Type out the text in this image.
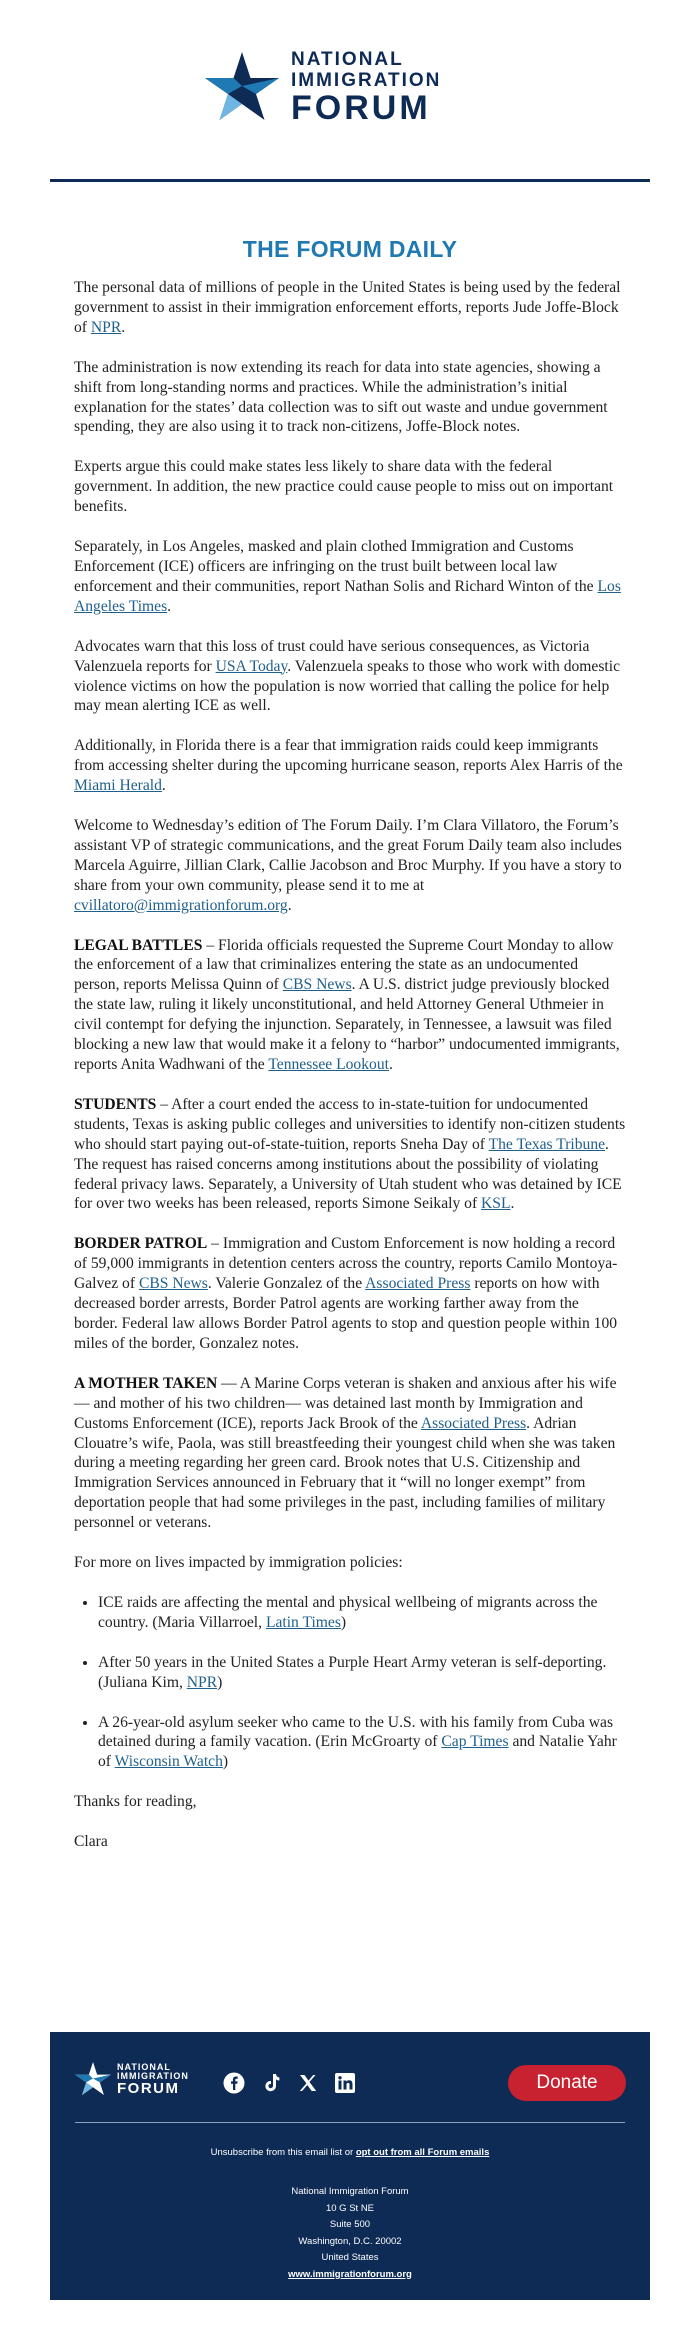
NATIONAL
IMMIGRATION
FORUM
THE FORUM DAILY

The personal data of millions of people in the United States is being used by the federal government to assist in their immigration enforcement efforts, reports Jude Joffe-Block of NPR.

The administration is now extending its reach for data into state agencies, showing a shift from long-standing norms and practices. While the administration’s initial explanation for the states’ data collection was to sift out waste and undue government spending, they are also using it to track non-citizens, Joffe-Block notes.

Experts argue this could make states less likely to share data with the federal government. In addition, the new practice could cause people to miss out on important benefits.

Separately, in Los Angeles, masked and plain clothed Immigration and Customs Enforcement (ICE) officers are infringing on the trust built between local law enforcement and their communities, report Nathan Solis and Richard Winton of the Los Angeles Times.

Advocates warn that this loss of trust could have serious consequences, as Victoria Valenzuela reports for USA Today. Valenzuela speaks to those who work with domestic violence victims on how the population is now worried that calling the police for help may mean alerting ICE as well.

Additionally, in Florida there is a fear that immigration raids could keep immigrants from accessing shelter during the upcoming hurricane season, reports Alex Harris of the Miami Herald.

Welcome to Wednesday’s edition of The Forum Daily. I’m Clara Villatoro, the Forum’s assistant VP of strategic communications, and the great Forum Daily team also includes Marcela Aguirre, Jillian Clark, Callie Jacobson and Broc Murphy. If you have a story to share from your own community, please send it to me at cvillatoro@immigrationforum.org.

LEGAL BATTLES – Florida officials requested the Supreme Court Monday to allow the enforcement of a law that criminalizes entering the state as an undocumented person, reports Melissa Quinn of CBS News. A U.S. district judge previously blocked the state law, ruling it likely unconstitutional, and held Attorney General Uthmeier in civil contempt for defying the injunction. Separately, in Tennessee, a lawsuit was filed blocking a new law that would make it a felony to “harbor” undocumented immigrants, reports Anita Wadhwani of the Tennessee Lookout.

STUDENTS – After a court ended the access to in-state-tuition for undocumented students, Texas is asking public colleges and universities to identify non-citizen students who should start paying out-of-state-tuition, reports Sneha Day of The Texas Tribune. The request has raised concerns among institutions about the possibility of violating federal privacy laws. Separately, a University of Utah student who was detained by ICE for over two weeks has been released, reports Simone Seikaly of KSL.

BORDER PATROL – Immigration and Custom Enforcement is now holding a record of 59,000 immigrants in detention centers across the country, reports Camilo Montoya-Galvez of CBS News. Valerie Gonzalez of the Associated Press reports on how with decreased border arrests, Border Patrol agents are working farther away from the border. Federal law allows Border Patrol agents to stop and question people within 100 miles of the border, Gonzalez notes.

A MOTHER TAKEN — A Marine Corps veteran is shaken and anxious after his wife — and mother of his two children— was detained last month by Immigration and Customs Enforcement (ICE), reports Jack Brook of the Associated Press. Adrian Clouatre’s wife, Paola, was still breastfeeding their youngest child when she was taken during a meeting regarding her green card. Brook notes that U.S. Citizenship and Immigration Services announced in February that it “will no longer exempt” from deportation people that had some privileges in the past, including families of military personnel or veterans.

For more on lives impacted by immigration policies:

• ICE raids are affecting the mental and physical wellbeing of migrants across the country. (Maria Villarroel, Latin Times)
• After 50 years in the United States a Purple Heart Army veteran is self-deporting. (Juliana Kim, NPR)
• A 26-year-old asylum seeker who came to the U.S. with his family from Cuba was detained during a family vacation. (Erin McGroarty of Cap Times and Natalie Yahr of Wisconsin Watch)

Thanks for reading,

Clara

NATIONAL
IMMIGRATION
FORUM	Donate
Unsubscribe from this email list or opt out from all Forum emails
National Immigration Forum
10 G St NE
Suite 500
Washington, D.C. 20002
United States
www.immigrationforum.org
